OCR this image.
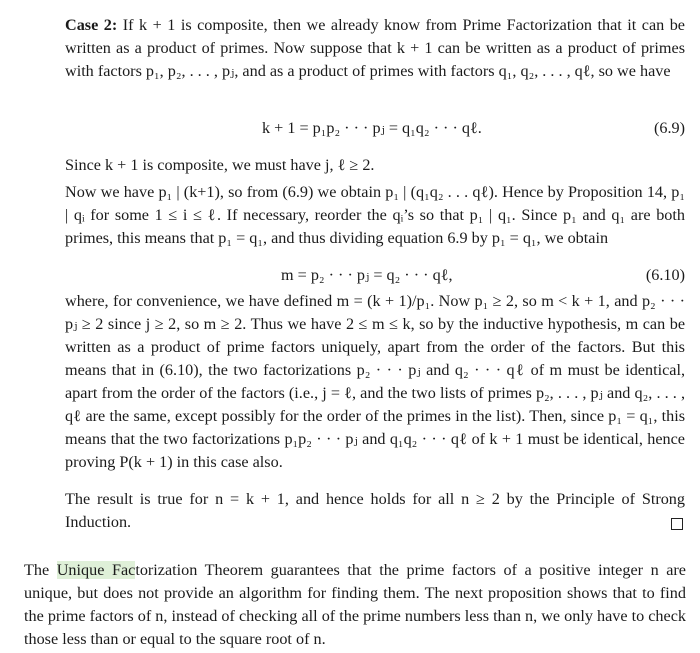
Case 2: If k + 1 is composite, then we already know from Prime Factorization that it can be written as a product of primes. Now suppose that k + 1 can be written as a product of primes with factors p₁, p₂, . . . , pⱼ, and as a product of primes with factors q₁, q₂, . . . , qℓ, so we have

k + 1 = p₁p₂ · · · pⱼ = q₁q₂ · · · qℓ.	(6.9)

Since k + 1 is composite, we must have j, ℓ ≥ 2.

Now we have p₁ | (k+1), so from (6.9) we obtain p₁ | (q₁q₂ . . . qℓ). Hence by Proposition 14, p₁ | qᵢ for some 1 ≤ i ≤ ℓ. If necessary, reorder the qᵢ’s so that p₁ | q₁. Since p₁ and q₁ are both primes, this means that p₁ = q₁, and thus dividing equation 6.9 by p₁ = q₁, we obtain

m = p₂ · · · pⱼ = q₂ · · · qℓ,	(6.10)

where, for convenience, we have defined m = (k + 1)/p₁. Now p₁ ≥ 2, so m < k + 1, and p₂ · · · pⱼ ≥ 2 since j ≥ 2, so m ≥ 2. Thus we have 2 ≤ m ≤ k, so by the inductive hypothesis, m can be written as a product of prime factors uniquely, apart from the order of the factors. But this means that in (6.10), the two factorizations p₂ · · · pⱼ and q₂ · · · qℓ of m must be identical, apart from the order of the factors (i.e., j = ℓ, and the two lists of primes p₂, . . . , pⱼ and q₂, . . . , qℓ are the same, except possibly for the order of the primes in the list). Then, since p₁ = q₁, this means that the two factorizations p₁p₂ · · · pⱼ and q₁q₂ · · · qℓ of k + 1 must be identical, hence proving P(k + 1) in this case also.

The result is true for n = k + 1, and hence holds for all n ≥ 2 by the Principle of Strong Induction.

The Unique Factorization Theorem guarantees that the prime factors of a positive integer n are unique, but does not provide an algorithm for finding them. The next proposition shows that to find the prime factors of n, instead of checking all of the prime numbers less than n, we only have to check those less than or equal to the square root of n.
